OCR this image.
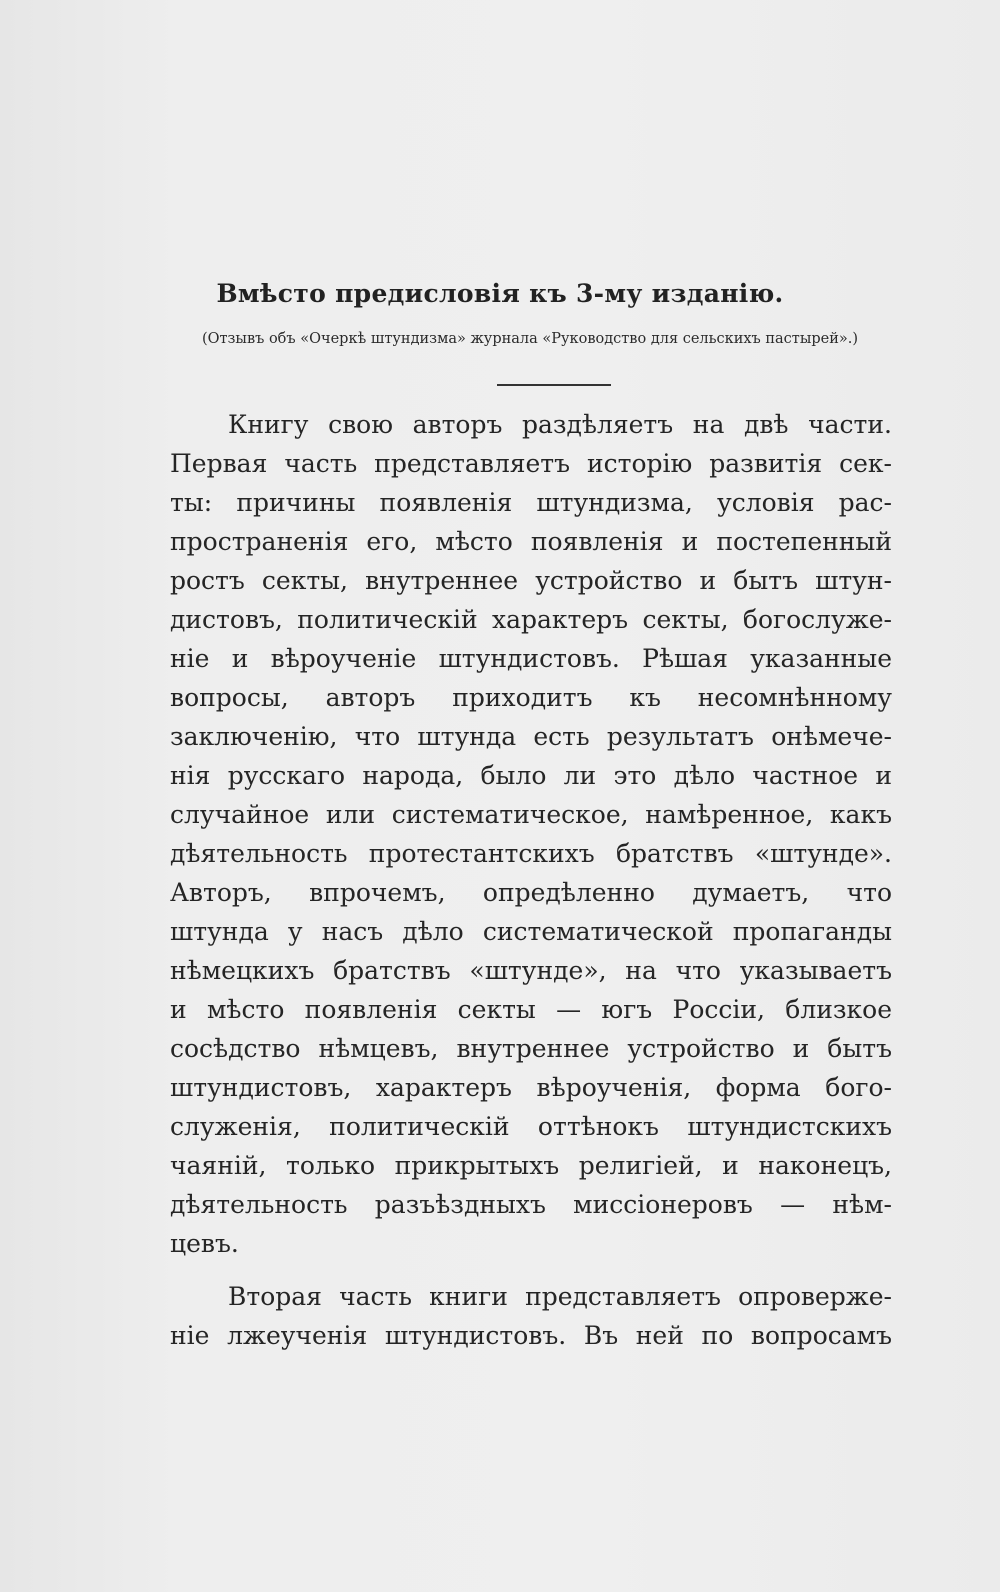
Вмѣсто предисловія къ 3-му изданію.
(Отзывъ объ «Очеркѣ штундизма» журнала «Руководство для сельскихъ пастырей».)
Книгу свою авторъ раздѣляетъ на двѣ части.
Первая часть представляетъ исторію развитія сек-
ты: причины появленія штундизма, условія рас-
пространенія его, мѣсто появленія и постепенный
ростъ секты, внутреннее устройство и бытъ штун-
дистовъ, политическій характеръ секты, богослуже-
ніе и вѣроученіе штундистовъ. Рѣшая указанные
вопросы, авторъ приходитъ къ несомнѣнному
заключенію, что штунда есть результатъ онѣмече-
нія русскаго народа, было ли это дѣло частное и
случайное или систематическое, намѣренное, какъ
дѣятельность протестантскихъ братствъ «штунде».
Авторъ, впрочемъ, опредѣленно думаетъ, что
штунда у насъ дѣло систематической пропаганды
нѣмецкихъ братствъ «штунде», на что указываетъ
и мѣсто появленія секты — югъ Россіи, близкое
сосѣдство нѣмцевъ, внутреннее устройство и бытъ
штундистовъ, характеръ вѣроученія, форма бого-
служенія, политическій оттѣнокъ штундистскихъ
чаяній, только прикрытыхъ религіей, и наконецъ,
дѣятельность разъѣздныхъ миссіонеровъ — нѣм-
цевъ.
Вторая часть книги представляетъ опроверже-
ніе лжеученія штундистовъ. Въ ней по вопросамъ
